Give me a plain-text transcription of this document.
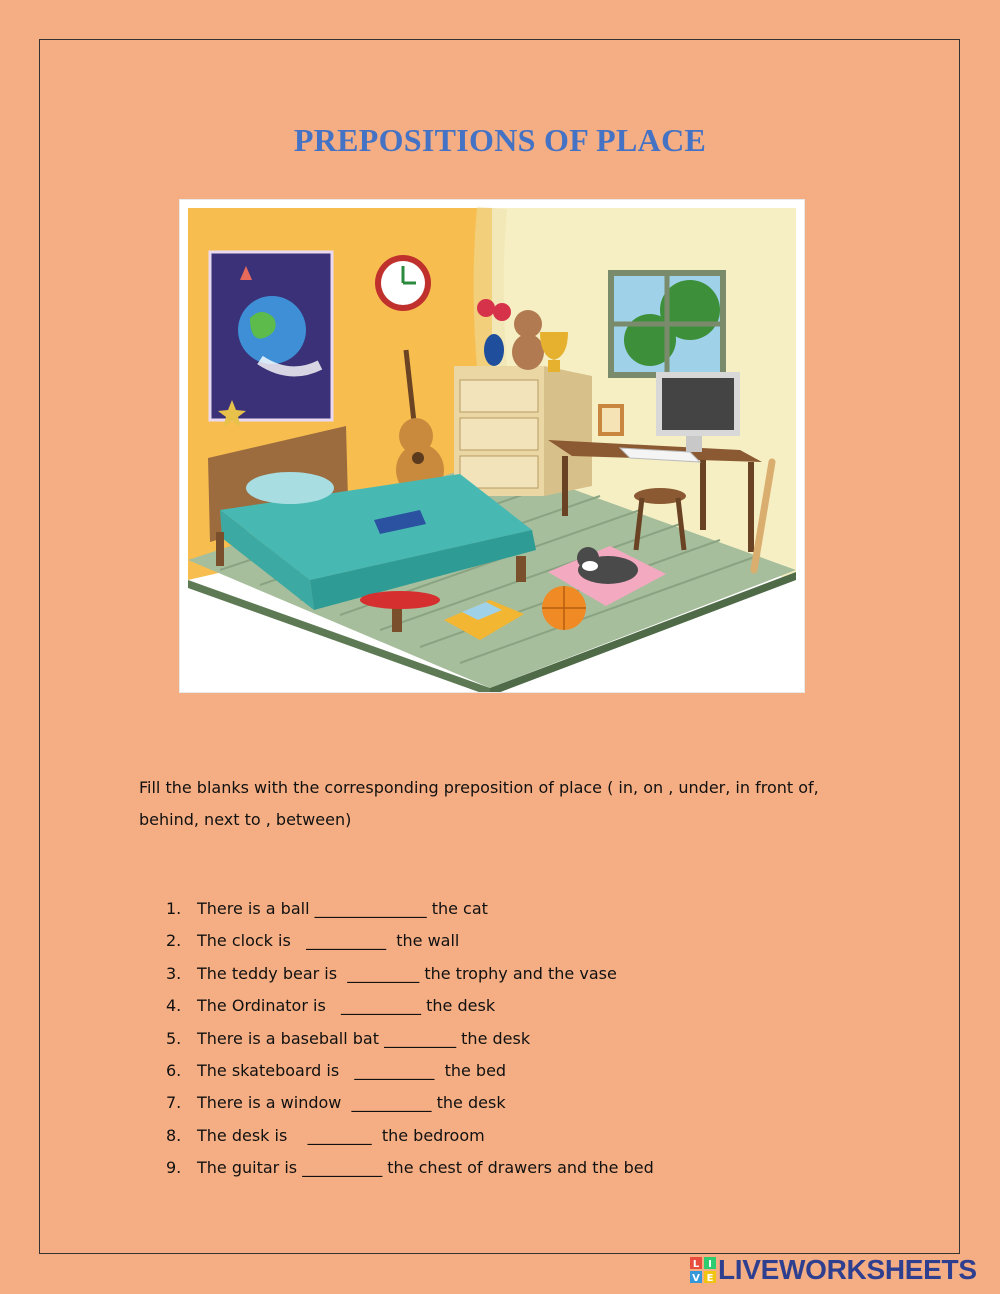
PREPOSITIONS OF PLACE
Fill the blanks with the corresponding preposition of place ( in, on , under, in front of, behind, next to , between)
1. There is a ball ______________ the cat
2. The clock is   __________  the wall
3. The teddy bear is  _________ the trophy and the vase
4. The Ordinator is   __________ the desk
5. There is a baseball bat _________ the desk
6. The skateboard is   __________  the bed
7. There is a window  __________ the desk
8. The desk is    ________  the bedroom
9. The guitar is __________ the chest of drawers and the bed
L I
V E LIVEWORKSHEETS
